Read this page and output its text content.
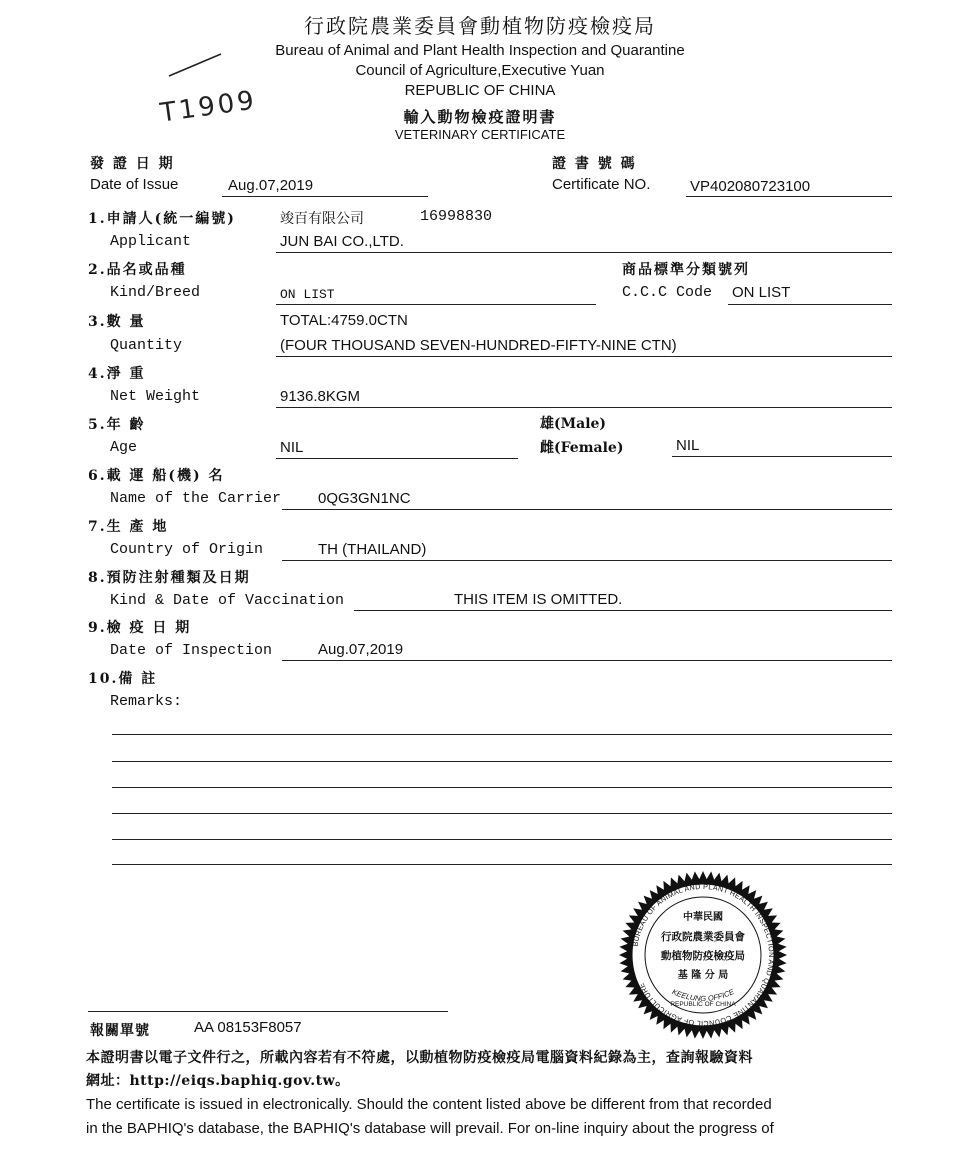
行政院農業委員會動植物防疫檢疫局
Bureau of Animal and Plant Health Inspection and Quarantine
Council of Agriculture,Executive Yuan
REPUBLIC OF CHINA
輸入動物檢疫證明書
VETERINARY CERTIFICATE
T1909
發 證 日 期
Date of Issue	Aug.07,2019
證 書 號 碼
Certificate NO.	VP402080723100
1.申請人(統一編號)	竣百有限公司	16998830
Applicant	JUN BAI CO.,LTD.
2.品名或品種	商品標準分類號列
Kind/Breed	ON LIST	C.C.C Code ON LIST
3.數 量	TOTAL:4759.0CTN
Quantity	(FOUR THOUSAND SEVEN-HUNDRED-FIFTY-NINE CTN)
4.淨 重
Net Weight	9136.8KGM
5.年 齡	雄(Male)
Age	NIL	雌(Female)	NIL
6.載 運 船(機) 名
Name of the Carrier 0QG3GN1NC
7.生 產 地
Country of Origin	TH (THAILAND)
8.預防注射種類及日期
Kind & Date of Vaccination	THIS ITEM IS OMITTED.
9.檢 疫 日 期
Date of Inspection	Aug.07,2019
10.備 註
Remarks:
BUREAU OF ANIMAL AND PLANT HEALTH INSPECTION AND QUARANTINE COUNCIL OF AGRICULTURE
中華民國
行政院農業委員會
動植物防疫檢疫局
基 隆 分 局
KEELUNG OFFICE
REPUBLIC OF CHINA
報關單號	AA 08153F8057
本證明書以電子文件行之，所載內容若有不符處，以動植物防疫檢疫局電腦資料紀錄為主，查詢報驗資料
網址：http://eiqs.baphiq.gov.tw。
The certificate is issued in electronically. Should the content listed above be different from that recorded
in the BAPHIQ's database, the BAPHIQ's database will prevail. For on-line inquiry about the progress of
